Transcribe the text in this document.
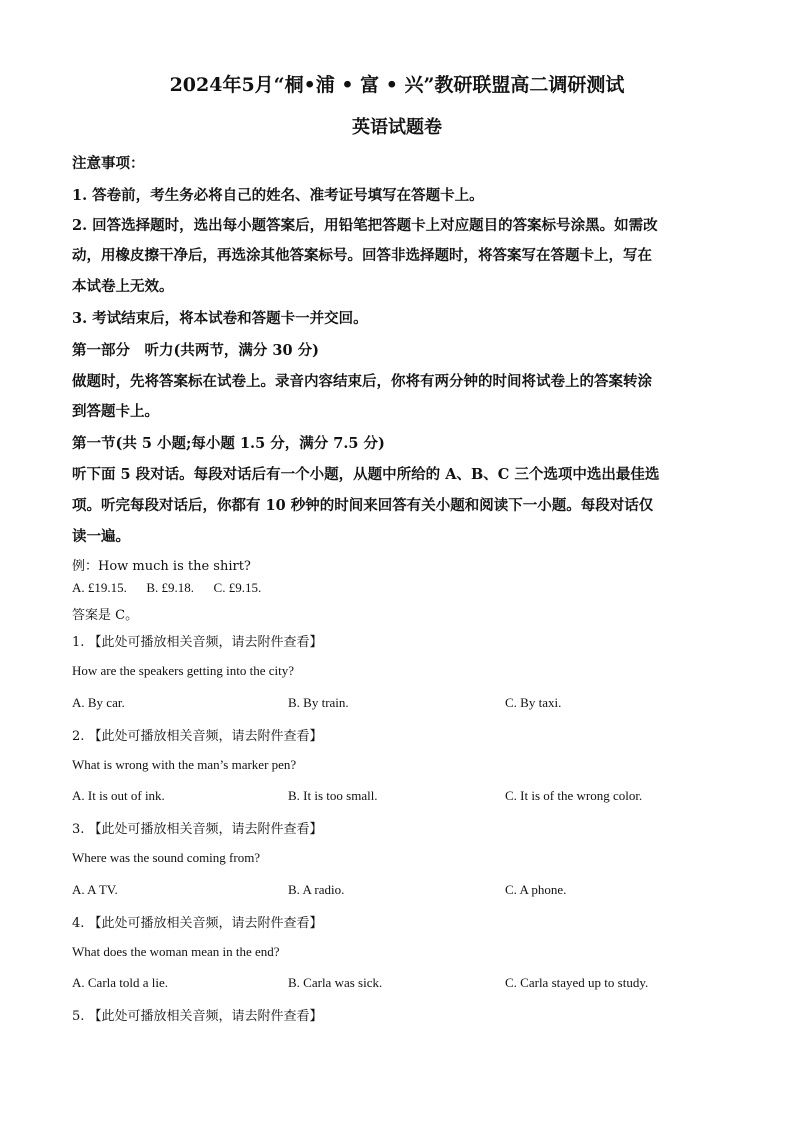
2024年5月“桐•浦 • 富 • 兴”教研联盟高二调研测试
英语试题卷
注意事项：
1. 答卷前，考生务必将自己的姓名、准考证号填写在答题卡上。
2. 回答选择题时，选出每小题答案后，用铅笔把答题卡上对应题目的答案标号涂黑。如需改
动，用橡皮擦干净后，再选涂其他答案标号。回答非选择题时，将答案写在答题卡上，写在
本试卷上无效。
3. 考试结束后，将本试卷和答题卡一并交回。
第一部分　听力(共两节，满分 30 分)
做题时，先将答案标在试卷上。录音内容结束后，你将有两分钟的时间将试卷上的答案转涂
到答题卡上。
第一节(共 5 小题;每小题 1.5 分，满分 7.5 分)
听下面 5 段对话。每段对话后有一个小题，从题中所给的 A、B、C 三个选项中选出最佳选
项。听完每段对话后，你都有 10 秒钟的时间来回答有关小题和阅读下一小题。每段对话仅
读一遍。
例：How much is the shirt?
A. £19.15.      B. £9.18.      C. £9.15.
答案是 C。
1. 【此处可播放相关音频，请去附件查看】
How are the speakers getting into the city?
A. By car.	B. By train.	C. By taxi.
2. 【此处可播放相关音频，请去附件查看】
What is wrong with the man’s marker pen?
A. It is out of ink.	B. It is too small.	C. It is of the wrong color.
3. 【此处可播放相关音频，请去附件查看】
Where was the sound coming from?
A. A TV.	B. A radio.	C. A phone.
4. 【此处可播放相关音频，请去附件查看】
What does the woman mean in the end?
A. Carla told a lie.	B. Carla was sick.	C. Carla stayed up to study.
5. 【此处可播放相关音频，请去附件查看】
